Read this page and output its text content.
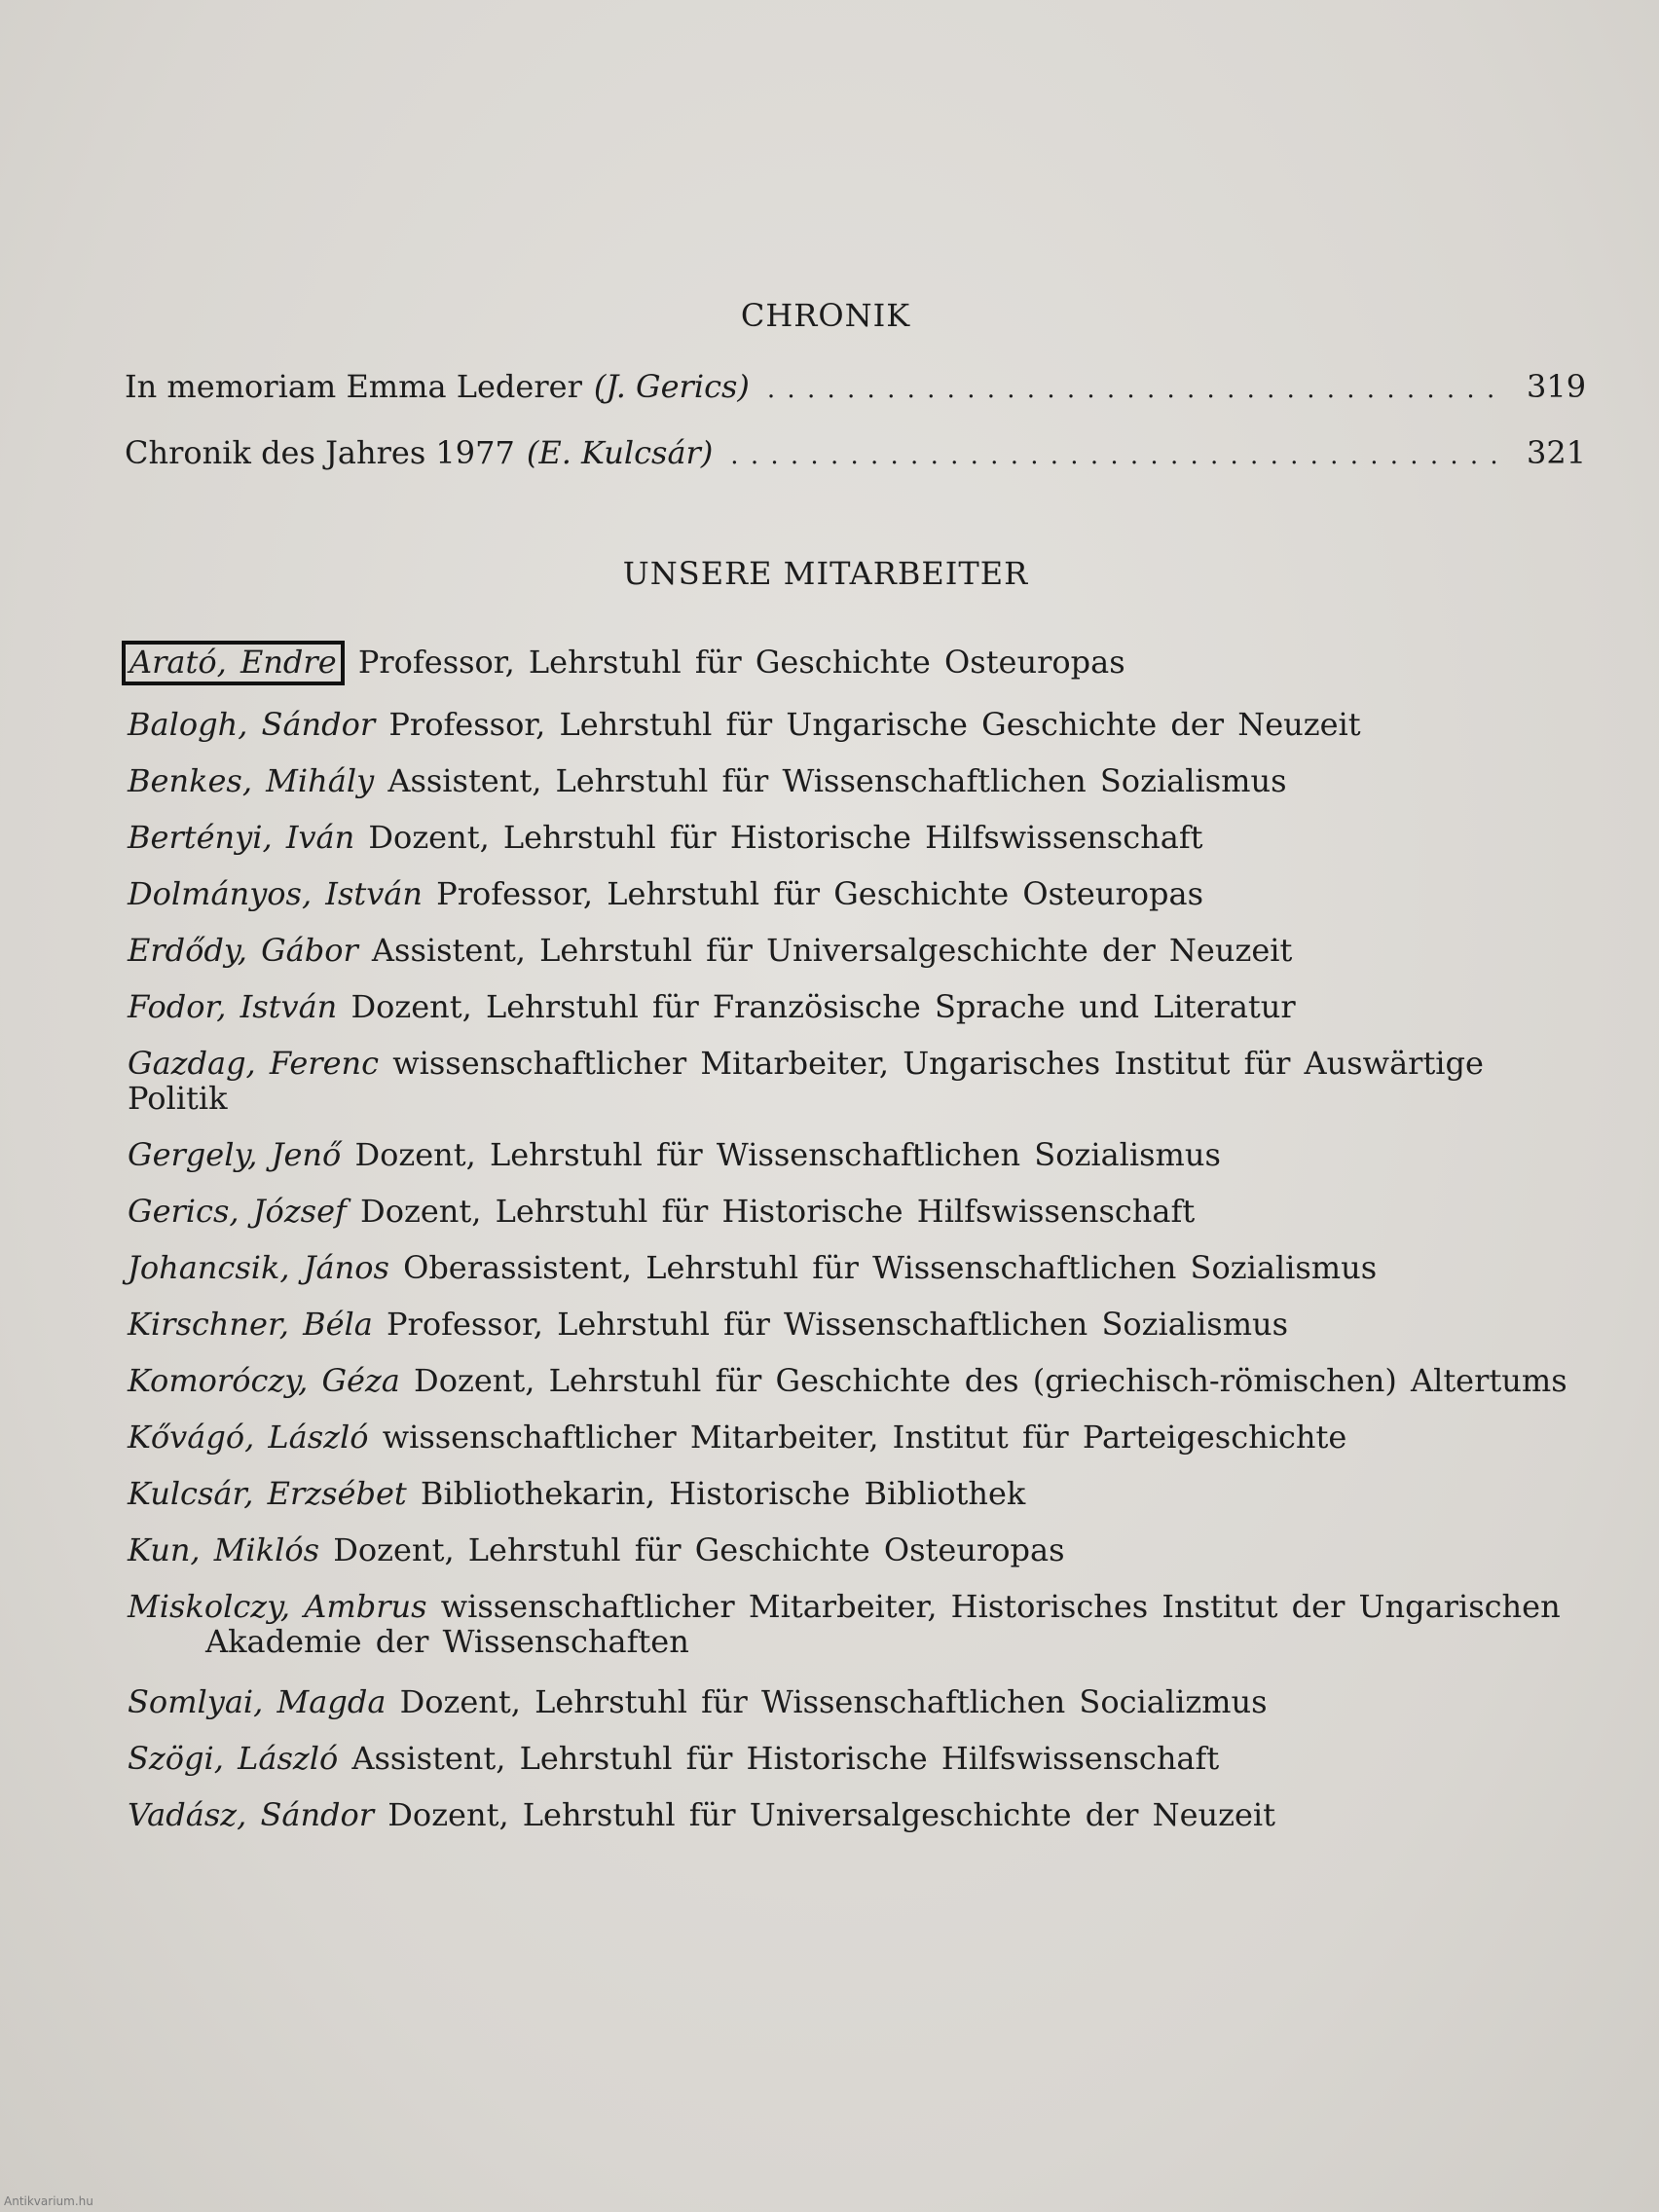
CHRONIK
In memoriam Emma Lederer (J. Gerics) . . .	319
Chronik des Jahres 1977 (E. Kulcsár) . . .	321
UNSERE MITARBEITER
Arató, Endre Professor, Lehrstuhl für Geschichte Osteuropas
Balogh, Sándor Professor, Lehrstuhl für Ungarische Geschichte der Neuzeit
Benkes, Mihály Assistent, Lehrstuhl für Wissenschaftlichen Sozialismus
Bertényi, Iván Dozent, Lehrstuhl für Historische Hilfswissenschaft
Dolmányos, István Professor, Lehrstuhl für Geschichte Osteuropas
Erdődy, Gábor Assistent, Lehrstuhl für Universalgeschichte der Neuzeit
Fodor, István Dozent, Lehrstuhl für Französische Sprache und Literatur
Gazdag, Ferenc wissenschaftlicher Mitarbeiter, Ungarisches Institut für Auswärtige Politik
Gergely, Jenő Dozent, Lehrstuhl für Wissenschaftlichen Sozialismus
Gerics, József Dozent, Lehrstuhl für Historische Hilfswissenschaft
Johancsik, János Oberassistent, Lehrstuhl für Wissenschaftlichen Sozialismus
Kirschner, Béla Professor, Lehrstuhl für Wissenschaftlichen Sozialismus
Komoróczy, Géza Dozent, Lehrstuhl für Geschichte des (griechisch-römischen) Altertums
Kővágó, László wissenschaftlicher Mitarbeiter, Institut für Parteigeschichte
Kulcsár, Erzsébet Bibliothekarin, Historische Bibliothek
Kun, Miklós Dozent, Lehrstuhl für Geschichte Osteuropas
Miskolczy, Ambrus wissenschaftlicher Mitarbeiter, Historisches Institut der Ungarischen
Akademie der Wissenschaften
Somlyai, Magda Dozent, Lehrstuhl für Wissenschaftlichen Socializmus
Szögi, László Assistent, Lehrstuhl für Historische Hilfswissenschaft
Vadász, Sándor Dozent, Lehrstuhl für Universalgeschichte der Neuzeit
Antikvarium.hu
